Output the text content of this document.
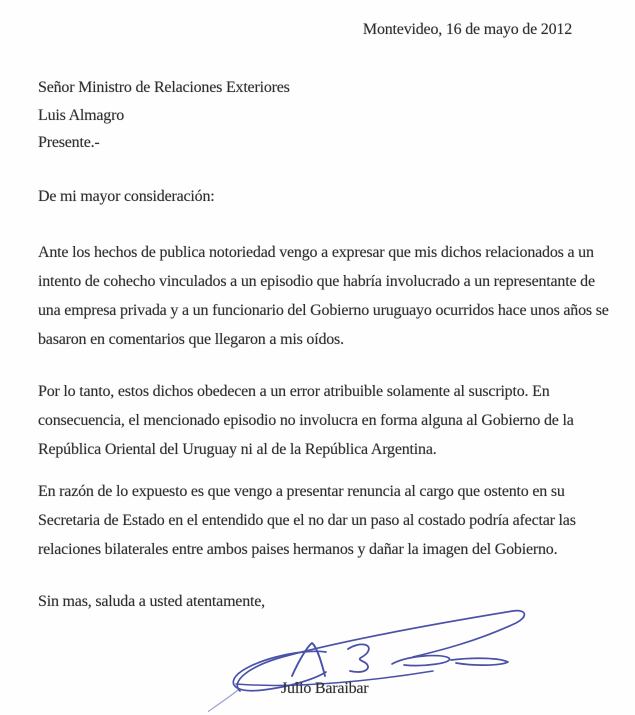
Montevideo, 16 de mayo de 2012
Señor Ministro de Relaciones Exteriores
Luis Almagro
Presente.-
De mi mayor consideración:
Ante los hechos de publica notoriedad vengo a expresar que mis dichos relacionados a un
intento de cohecho vinculados a un episodio que habría involucrado a un representante de
una empresa privada y a un funcionario del Gobierno uruguayo ocurridos hace unos años se
basaron en comentarios que llegaron a mis oídos.
Por lo tanto, estos dichos obedecen a un error atribuible solamente al suscripto. En
consecuencia, el mencionado episodio no involucra en forma alguna al Gobierno de la
República Oriental del Uruguay ni al de la República Argentina.
En razón de lo expuesto es que vengo a presentar renuncia al cargo que ostento en su
Secretaria de Estado en el entendido que el no dar un paso al costado podría afectar las
relaciones bilaterales entre ambos paises hermanos y dañar la imagen del Gobierno.
Sin mas, saluda a usted atentamente,
Julio Baraibar
